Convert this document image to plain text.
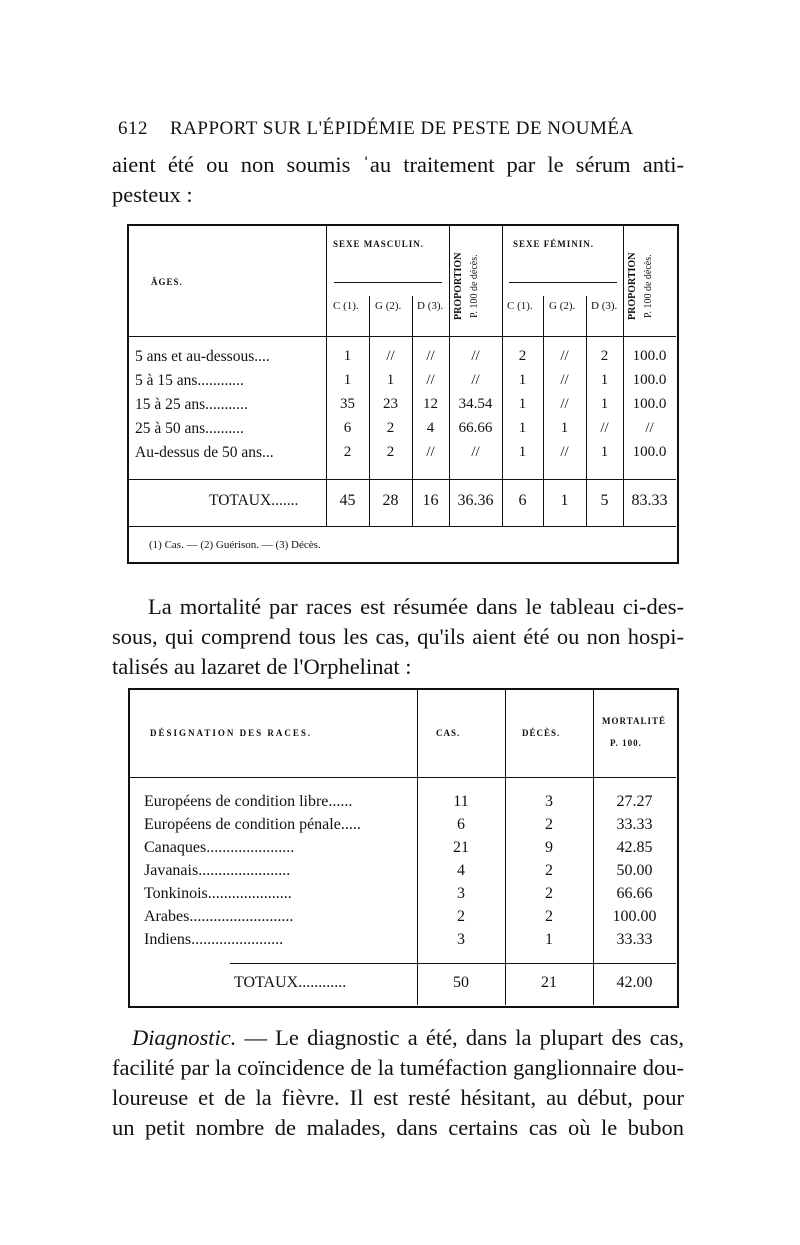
612 RAPPORT SUR L'ÉPIDÉMIE DE PESTE DE NOUMÉA
aient été ou non soumis ˈau traitement par le sérum anti-
pesteux :
ÂGES.
SEXE MASCULIN.	SEXE FÉMININ.
C (1). G (2). D (3).	C (1). G (2). D (3).
PROPORTION P. 100 de décès.	PROPORTION P. 100 de décès.
5 ans et au-dessous....	1	//	//	//	2	//	2	100.0
5 à 15 ans............	1	1	//	//	1	//	1	100.0
15 à 25 ans...........	35	23	12	34.54	1	//	1	100.0
25 à 50 ans..........	6	2	4	66.66	1	1	//	//
Au-dessus de 50 ans...	2	2	//	//	1	//	1	100.0
TOTAUX.......	45	28	16	36.36	6	1	5	83.33
(1) Cas. — (2) Guérison. — (3) Décès.
La mortalité par races est résumée dans le tableau ci-des-
sous, qui comprend tous les cas, qu'ils aient été ou non hospi-
talisés au lazaret de l'Orphelinat :
DÉSIGNATION DES RACES.	CAS.	DÉCÈS.
MORTALITÉ
P. 100.
Européens de condition libre......	11	3	27.27
Européens de condition pénale.....	6	2	33.33
Canaques......................	21	9	42.85
Javanais.......................	4	2	50.00
Tonkinois.....................	3	2	66.66
Arabes..........................	2	2	100.00
Indiens.......................	3	1	33.33
TOTAUX............	50	21	42.00
Diagnostic. — Le diagnostic a été, dans la plupart des cas,
facilité par la coïncidence de la tuméfaction ganglionnaire dou-
loureuse et de la fièvre. Il est resté hésitant, au début, pour
un petit nombre de malades, dans certains cas où le bubon
